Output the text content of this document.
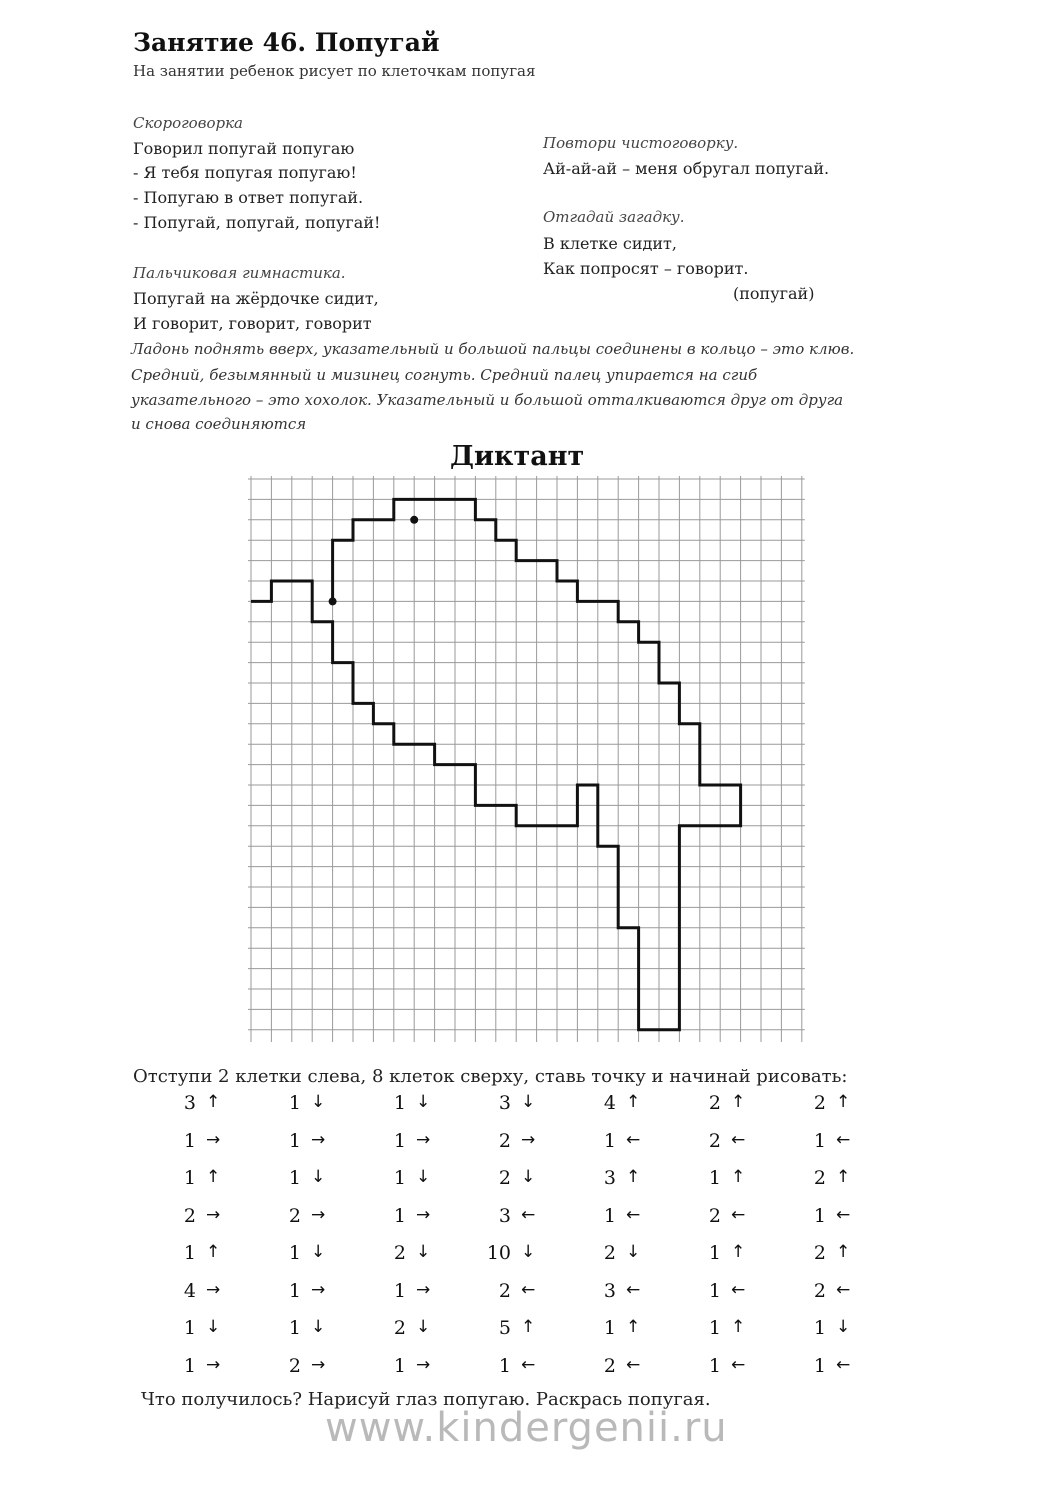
Занятие 46. Попугай
На занятии ребенок рисует по клеточкам попугая
Скороговорка
Говорил попугай попугаю
- Я тебя попугая попугаю!
- Попугаю в ответ попугай.
- Попугай, попугай, попугай!
Повтори чистоговорку.
Ай-ай-ай – меня обругал попугай.
Отгадай загадку.
В клетке сидит,
Как попросят – говорит.
(попугай)
Пальчиковая гимнастика.
Попугай на жёрдочке сидит,
И говорит, говорит, говорит
Ладонь поднять вверх, указательный и большой пальцы соединены в кольцо – это клюв.
Средний, безымянный и мизинец согнуть. Средний палец упирается на сгиб
указательного – это хохолок. Указательный и большой отталкиваются друг от друга
и снова соединяются
Диктант
Отступи 2 клетки слева, 8 клеток сверху, ставь точку и начинай рисовать:
3 ↑
1 →
1 ↑
2 →
1 ↑
4 →
1 ↓
1 →
1 ↓
1 →
1 ↓
2 →
1 ↓
1 →
1 ↓
2 →
1 ↓
1 →
1 ↓
1 →
2 ↓
1 →
2 ↓
1 →
3 ↓
2 →
2 ↓
3 ←
10 ↓
2 ←
5 ↑
1 ←
4 ↑
1 ←
3 ↑
1 ←
2 ↓
3 ←
1 ↑
2 ←
2 ↑
2 ←
1 ↑
2 ←
1 ↑
1 ←
1 ↑
1 ←
2 ↑
1 ←
2 ↑
1 ←
2 ↑
2 ←
1 ↓
1 ←
Что получилось? Нарисуй глаз попугаю. Раскрась попугая.
www.kindergenii.ru
